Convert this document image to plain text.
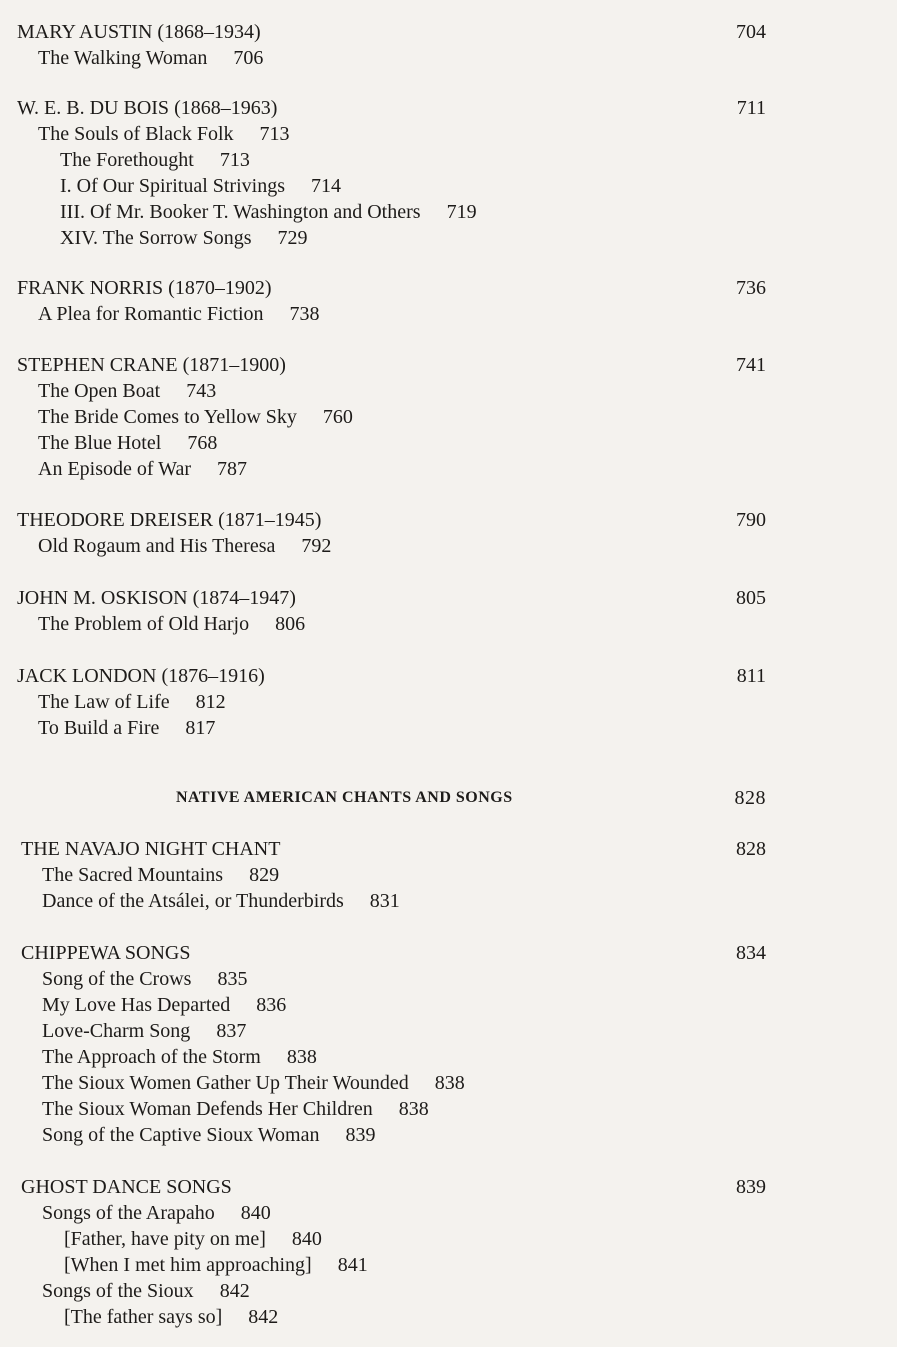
MARY AUSTIN (1868–1934)	704
The Walking Woman 706
W. E. B. DU BOIS (1868–1963)	711
The Souls of Black Folk 713
The Forethought 713
I. Of Our Spiritual Strivings 714
III. Of Mr. Booker T. Washington and Others 719
XIV. The Sorrow Songs 729
FRANK NORRIS (1870–1902)	736
A Plea for Romantic Fiction 738
STEPHEN CRANE (1871–1900)	741
The Open Boat 743
The Bride Comes to Yellow Sky 760
The Blue Hotel 768
An Episode of War 787
THEODORE DREISER (1871–1945)	790
Old Rogaum and His Theresa 792
JOHN M. OSKISON (1874–1947)	805
The Problem of Old Harjo 806
JACK LONDON (1876–1916)	811
The Law of Life 812
To Build a Fire 817
NATIVE AMERICAN CHANTS AND SONGS	828
THE NAVAJO NIGHT CHANT	828
The Sacred Mountains 829
Dance of the Atsálei, or Thunderbirds 831
CHIPPEWA SONGS	834
Song of the Crows 835
My Love Has Departed 836
Love-Charm Song 837
The Approach of the Storm 838
The Sioux Women Gather Up Their Wounded 838
The Sioux Woman Defends Her Children 838
Song of the Captive Sioux Woman 839
GHOST DANCE SONGS	839
Songs of the Arapaho 840
[Father, have pity on me] 840
[When I met him approaching] 841
Songs of the Sioux 842
[The father says so] 842
